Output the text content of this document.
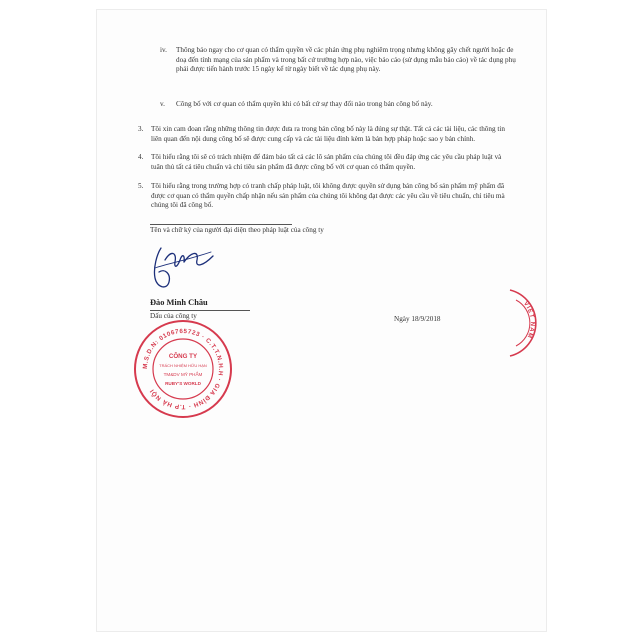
iv. Thông báo ngay cho cơ quan có thẩm quyền về các phản ứng phụ nghiêm trọng nhưng không gây chết người hoặc đe doạ đến tính mạng của sản phẩm và trong bất cứ trường hợp nào, việc báo cáo (sử dụng mẫu báo cáo) về tác dụng phụ phải được tiến hành trước 15 ngày kể từ ngày biết về tác dụng phụ này.
v. Công bố với cơ quan có thẩm quyền khi có bất cứ sự thay đổi nào trong bản công bố này.
3. Tôi xin cam đoan rằng những thông tin được đưa ra trong bản công bố này là đúng sự thật. Tất cả các tài liệu, các thông tin liên quan đến nội dung công bố sẽ được cung cấp và các tài liệu đính kèm là bản hợp pháp hoặc sao y bản chính.
4. Tôi hiểu rằng tôi sẽ có trách nhiệm để đảm bảo tất cả các lô sản phẩm của chúng tôi đều đáp ứng các yêu cầu pháp luật và tuân thủ tất cả tiêu chuẩn và chỉ tiêu sản phẩm đã được công bố với cơ quan có thẩm quyền.
5. Tôi hiểu rằng trong trường hợp có tranh chấp pháp luật, tôi không được quyền sử dụng bản công bố sản phẩm mỹ phẩm đã được cơ quan có thẩm quyền chấp nhận nếu sản phẩm của chúng tôi không đạt được các yêu cầu về tiêu chuẩn, chỉ tiêu mà chúng tôi đã công bố.
Tên và chữ ký của người đại diện theo pháp luật của công ty
Đào Minh Châu
Dấu của công ty	Ngày 18/9/2018
M.S.D.N: 0106765723 · C.T.T.N.H.H · GIA ĐÌNH · T.P HÀ NỘI
CÔNG TY
TRÁCH NHIỆM HỮU HẠN
TM&DV MỸ PHẨM
RUBY'S WORLD
VIỆT NAM
